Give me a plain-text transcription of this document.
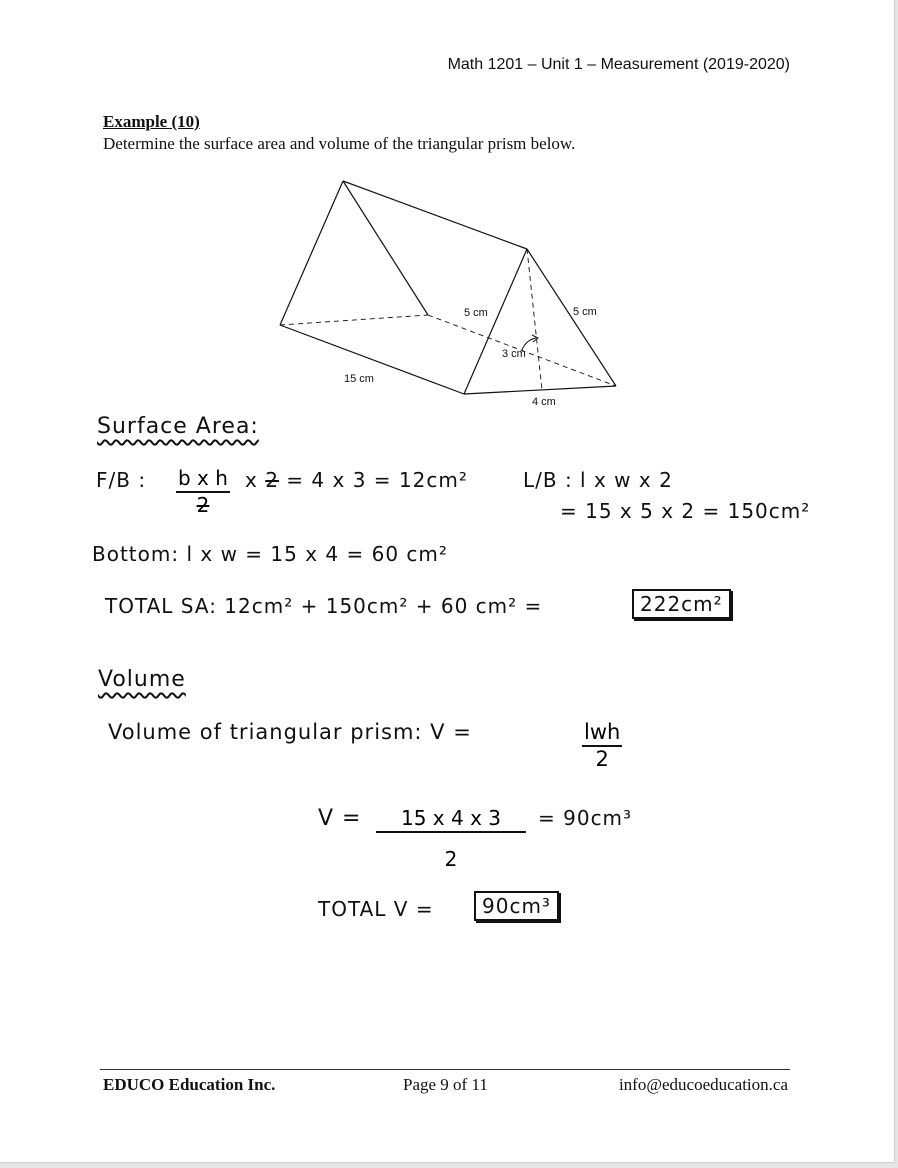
Math 1201 – Unit 1 – Measurement (2019-2020)
Example (10)
Determine the surface area and volume of the triangular prism below.
5 cm	5 cm
3 cm
4 cm
15 cm
Surface Area:
F/B : $\frac{\text{b x h}}{2}$ x 2 = 4 x 3 = 12cm²	L/B : l x w x 2
= 15 x 5 x 2 = 150cm²
Bottom: l x w = 15 x 4 = 60 cm²
TOTAL SA: 12cm² + 150cm² + 60 cm² =	222cm²
Volume
Volume of triangular prism: V =	lwh
2
$V = \frac{15 x 4 x 3}{2} = 90cm^3$
TOTAL V =	90cm³
EDUCO Education Inc.	Page 9 of 11	info@educoeducation.ca
